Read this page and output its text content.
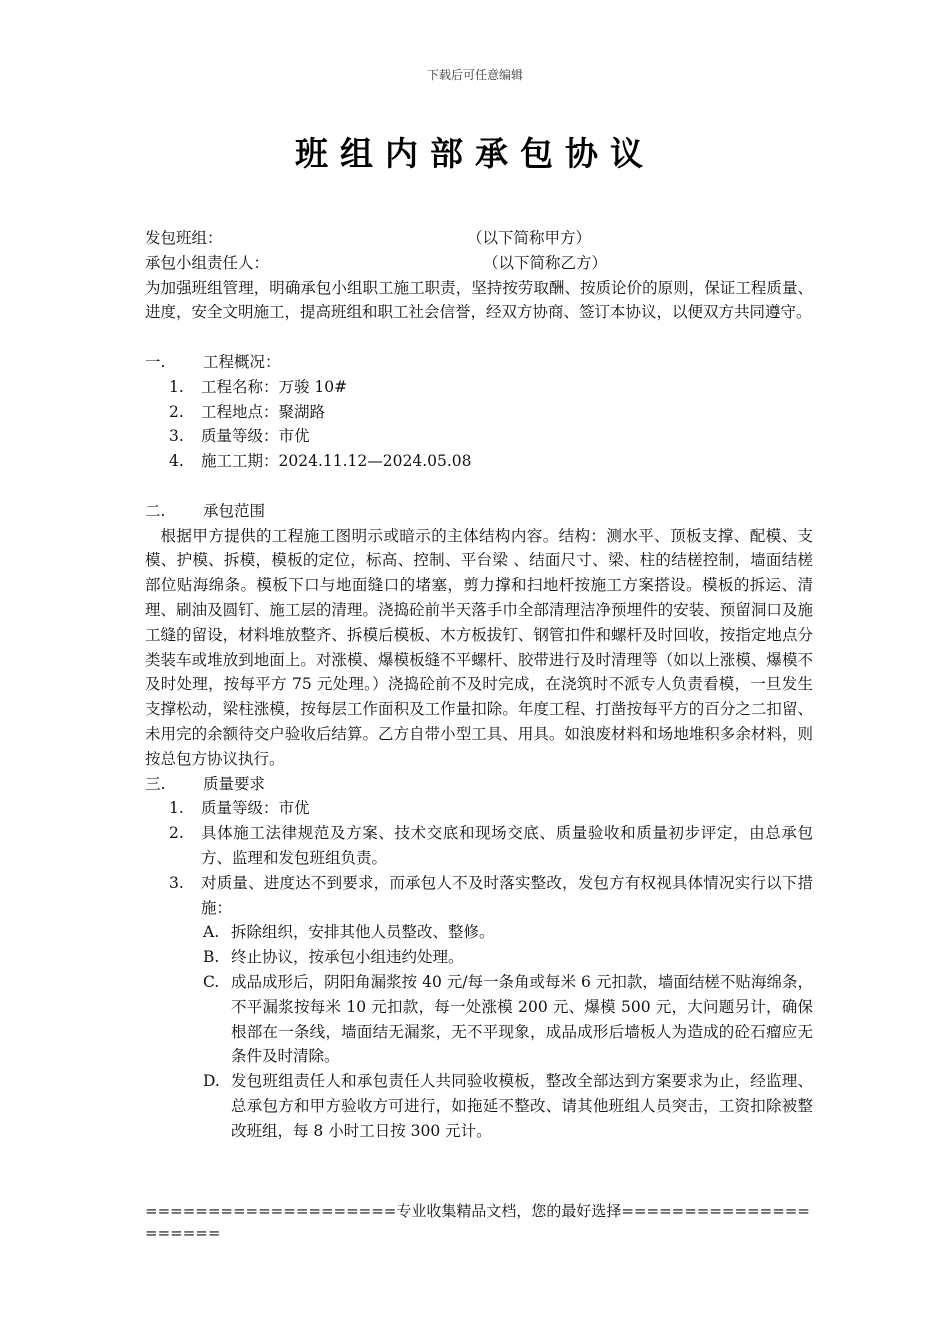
下载后可任意编辑
班组内部承包协议
发包班组：	（以下简称甲方）
承包小组责任人：	（以下简称乙方）
为加强班组管理，明确承包小组职工施工职责，坚持按劳取酬、按质论价的原则，保证工程质量、进度，安全文明施工，提高班组和职工社会信誉，经双方协商、签订本协议，以便双方共同遵守。
一.	工程概况：
1.	工程名称：万骏 10#
2.	工程地点：聚湖路
3.	质量等级：市优
4.	施工工期：2024.11.12—2024.05.08
二.	承包范围
根据甲方提供的工程施工图明示或暗示的主体结构内容。结构：测水平、顶板支撑、配模、支模、护模、拆模，模板的定位，标高、控制、平台梁 、结面尺寸、梁、柱的结槎控制，墙面结槎部位贴海绵条。模板下口与地面缝口的堵塞，剪力撑和扫地杆按施工方案搭设。模板的拆运、清理、刷油及圆钉、施工层的清理。浇捣砼前半天落手巾全部清理洁净预埋件的安装、预留洞口及施工缝的留设，材料堆放整齐、拆模后模板、木方板拔钉、钢管扣件和螺杆及时回收，按指定地点分类装车或堆放到地面上。对涨模、爆模板缝不平螺杆、胶带进行及时清理等（如以上涨模、爆模不及时处理，按每平方 75 元处理。）浇捣砼前不及时完成，在浇筑时不派专人负责看模，一旦发生支撑松动，梁柱涨模，按每层工作面积及工作量扣除。年度工程、打凿按每平方的百分之二扣留、未用完的余额待交户验收后结算。乙方自带小型工具、用具。如浪废材料和场地堆积多余材料，则按总包方协议执行。
三.	质量要求
1.	质量等级：市优
2.	具体施工法律规范及方案、技术交底和现场交底、质量验收和质量初步评定，由总承包方、监理和发包班组负责。
3.	对质量、进度达不到要求，而承包人不及时落实整改，发包方有权视具体情况实行以下措施：
A. 拆除组织，安排其他人员整改、整修。
B. 终止协议，按承包小组违约处理。
C. 成品成形后，阴阳角漏浆按 40 元/每一条角或每米 6 元扣款，墙面结槎不贴海绵条，不平漏浆按每米 10 元扣款，每一处涨模 200 元、爆模 500 元，大问题另计，确保根部在一条线，墙面结无漏浆，无不平现象，成品成形后墙板人为造成的砼石瘤应无条件及时清除。
D. 发包班组责任人和承包责任人共同验收模板，整改全部达到方案要求为止，经监理、总承包方和甲方验收方可进行，如拖延不整改、请其他班组人员突击，工资扣除被整改班组，每 8 小时工日按 300 元计。
====================专业收集精品文档，您的最好选择=====================
